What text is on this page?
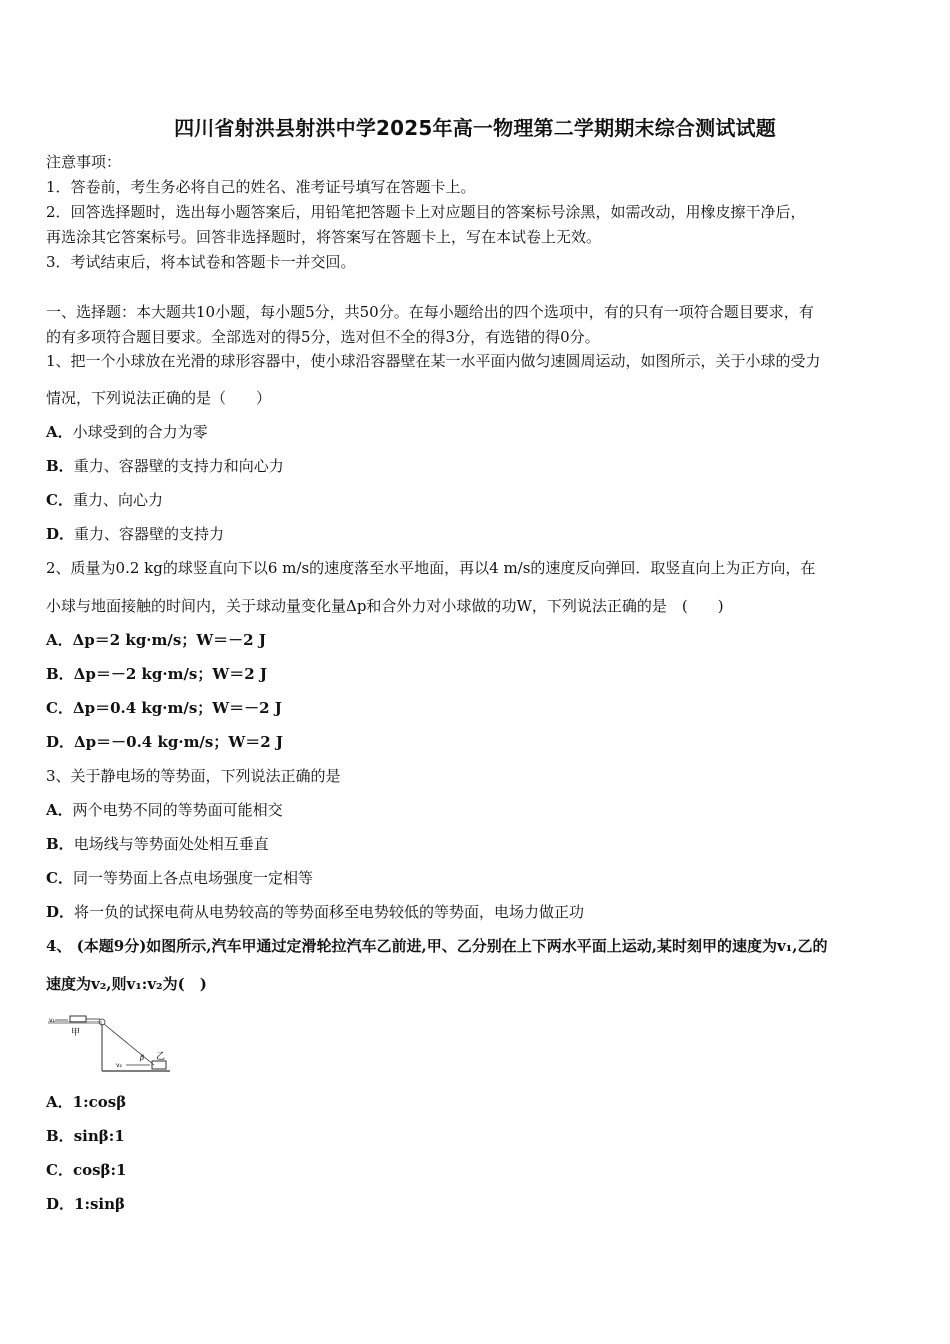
四川省射洪县射洪中学2025年高一物理第二学期期末综合测试试题
注意事项：
1．答卷前，考生务必将自己的姓名、准考证号填写在答题卡上。
2．回答选择题时，选出每小题答案后，用铅笔把答题卡上对应题目的答案标号涂黑，如需改动，用橡皮擦干净后，
再选涂其它答案标号。回答非选择题时，将答案写在答题卡上，写在本试卷上无效。
3．考试结束后，将本试卷和答题卡一并交回。
一、选择题：本大题共10小题，每小题5分，共50分。在每小题给出的四个选项中，有的只有一项符合题目要求，有
的有多项符合题目要求。全部选对的得5分，选对但不全的得3分，有选错的得0分。
1、把一个小球放在光滑的球形容器中，使小球沿容器壁在某一水平面内做匀速圆周运动，如图所示，关于小球的受力
情况，下列说法正确的是（　　）
A．小球受到的合力为零
B．重力、容器壁的支持力和向心力
C．重力、向心力
D．重力、容器壁的支持力
2、质量为0.2 kg的球竖直向下以6 m/s的速度落至水平地面，再以4 m/s的速度反向弹回．取竖直向上为正方向，在
小球与地面接触的时间内，关于球动量变化量Δp和合外力对小球做的功W，下列说法正确的是　(　　)
A．Δp＝2 kg·m/s；W＝－2 J
B．Δp＝－2 kg·m/s；W＝2 J
C．Δp＝0.4 kg·m/s；W＝－2 J
D．Δp＝－0.4 kg·m/s；W＝2 J
3、关于静电场的等势面，下列说法正确的是
A．两个电势不同的等势面可能相交
B．电场线与等势面处处相互垂直
C．同一等势面上各点电场强度一定相等
D．将一负的试探电荷从电势较高的等势面移至电势较低的等势面，电场力做正功
4、 (本题9分)如图所示,汽车甲通过定滑轮拉汽车乙前进,甲、乙分别在上下两水平面上运动,某时刻甲的速度为v₁,乙的
速度为v₂,则v₁:v₂为(　)
甲
v₁
乙
β
v₂
A．1:cosβ
B．sinβ:1
C．cosβ:1
D．1:sinβ
